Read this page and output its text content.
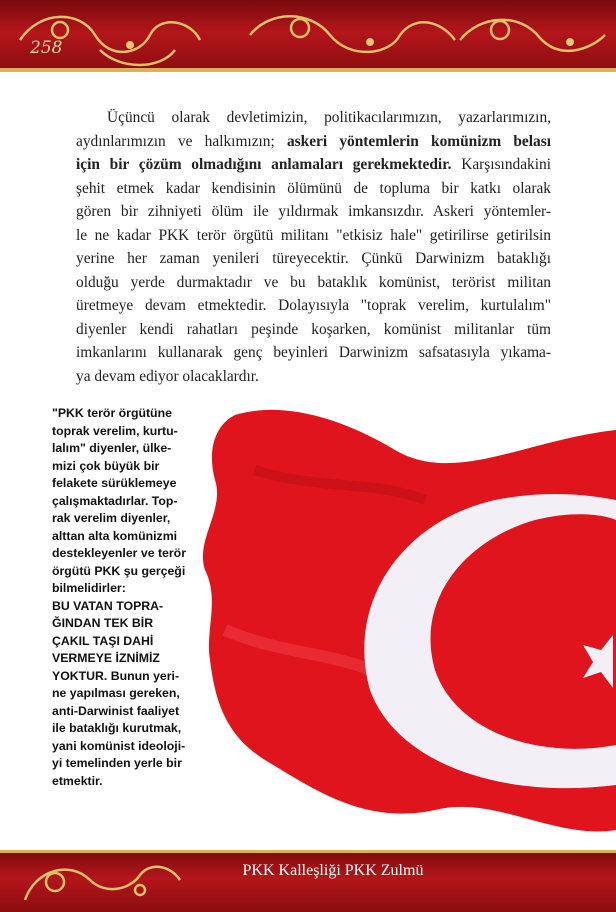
258
Üçüncü olarak devletimizin, politikacılarımızın, yazarlarımızın,
aydınlarımızın ve halkımızın; askeri yöntemlerin komünizm belası
için bir çözüm olmadığını anlamaları gerekmektedir. Karşısındakini
şehit etmek kadar kendisinin ölümünü de topluma bir katkı olarak
gören bir zihniyeti ölüm ile yıldırmak imkansızdır. Askeri yöntemler-
le ne kadar PKK terör örgütü militanı "etkisiz hale" getirilirse getirilsin
yerine her zaman yenileri türeyecektir. Çünkü Darwinizm bataklığı
olduğu yerde durmaktadır ve bu bataklık komünist, terörist militan
üretmeye devam etmektedir. Dolayısıyla "toprak verelim, kurtulalım"
diyenler kendi rahatları peşinde koşarken, komünist militanlar tüm
imkanlarını kullanarak genç beyinleri Darwinizm safsatasıyla yıkama-
ya devam ediyor olacaklardır.
"PKK terör örgütüne
toprak verelim, kurtu-
lalım" diyenler, ülke-
mizi çok büyük bir
felakete sürüklemeye
çalışmaktadırlar. Top-
rak verelim diyenler,
alttan alta komünizmi
destekleyenler ve terör
örgütü PKK şu gerçeği
bilmelidirler:
BU VATAN TOPRA-
ĞINDAN TEK BİR
ÇAKIL TAŞI DAHİ
VERMEYE İZNİMİZ
YOKTUR. Bunun yeri-
ne yapılması gereken,
anti-Darwinist faaliyet
ile bataklığı kurutmak,
yani komünist ideoloji-
yi temelinden yerle bir
etmektir.
PKK Kalleşliği PKK Zulmü
